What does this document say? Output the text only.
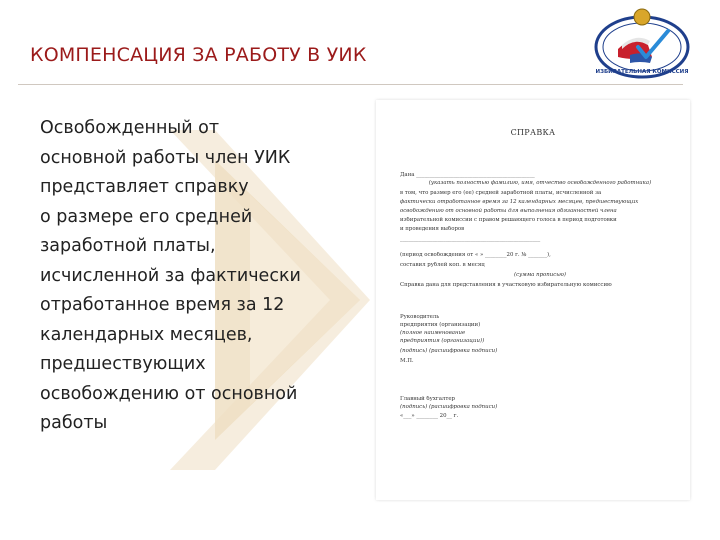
КОМПЕНСАЦИЯ ЗА РАБОТУ В УИК
ИЗБИРАТЕЛЬНАЯ КОМИССИЯ
Освобожденный от
основной работы член УИК
представляет справку
о размере его средней
заработной платы,
исчисленной за фактически
отработанное время за 12
календарных месяцев,
предшествующих
освобождению от основной
работы
СПРАВКА
Дана ____________________________________________
(указать полностью фамилию, имя, отчество освобожденного работника)
в том, что размер его (ее) средней заработной платы, исчисленной за
фактически отработанное время за 12 календарных месяцев, предшествующих
освобождению от основной работы для выполнения обязанностей члена
избирательной комиссии с правом решающего голоса в период подготовки
и проведения выборов
____________________________________________________
(период освобождения от « » ________20 г. № _______),
составил рублей коп. в месяц
(сумма прописью)
Справка дана для представления в участковую избирательную комиссию
Руководитель
предприятия (организации)
(полное наименование
предприятия (организации))
(подпись) (расшифровка подписи)
М.П.
Главный бухгалтер
(подпись) (расшифровка подписи)
«___» ________ 20__ г.
